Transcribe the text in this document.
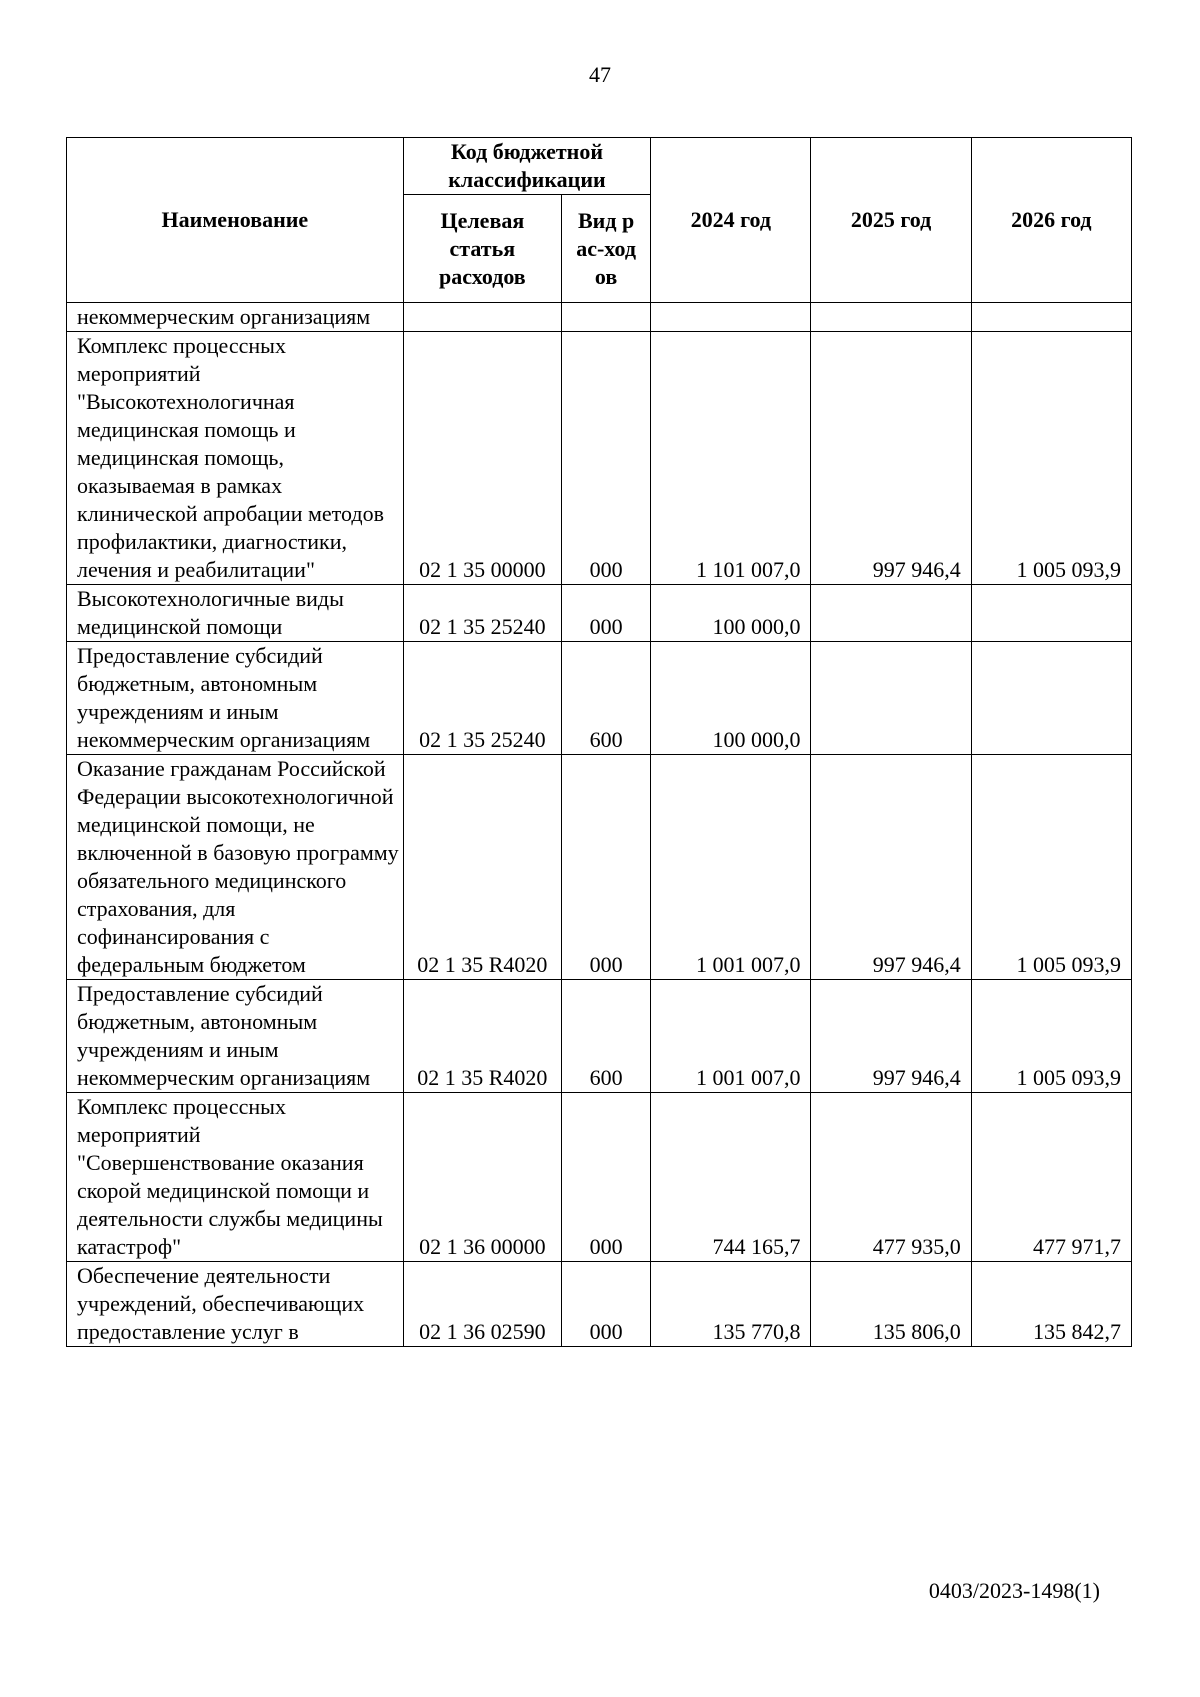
47
Наименование	Код бюджетной классификации		2024 год	2025 год	2026 год
	Целевая статья расходов	Вид рас-ходов			
некоммерческим организациям					
Комплекс процессных мероприятий "Высокотехнологичная медицинская помощь и медицинская помощь, оказываемая в рамках клинической апробации методов профилактики, диагностики, лечения и реабилитации"	02 1 35 00000	000	1 101 007,0	997 946,4	1 005 093,9
Высокотехнологичные виды медицинской помощи	02 1 35 25240	000	100 000,0		
Предоставление субсидий бюджетным, автономным учреждениям и иным некоммерческим организациям	02 1 35 25240	600	100 000,0		
Оказание гражданам Российской Федерации высокотехнологичной медицинской помощи, не включенной в базовую программу обязательного медицинского страхования, для софинансирования с федеральным бюджетом	02 1 35 R4020	000	1 001 007,0	997 946,4	1 005 093,9
Предоставление субсидий бюджетным, автономным учреждениям и иным некоммерческим организациям	02 1 35 R4020	600	1 001 007,0	997 946,4	1 005 093,9
Комплекс процессных мероприятий "Совершенствование оказания скорой медицинской помощи и деятельности службы медицины катастроф"	02 1 36 00000	000	744 165,7	477 935,0	477 971,7
Обеспечение деятельности учреждений, обеспечивающих предоставление услуг в	02 1 36 02590	000	135 770,8	135 806,0	135 842,7
0403/2023-1498(1)
